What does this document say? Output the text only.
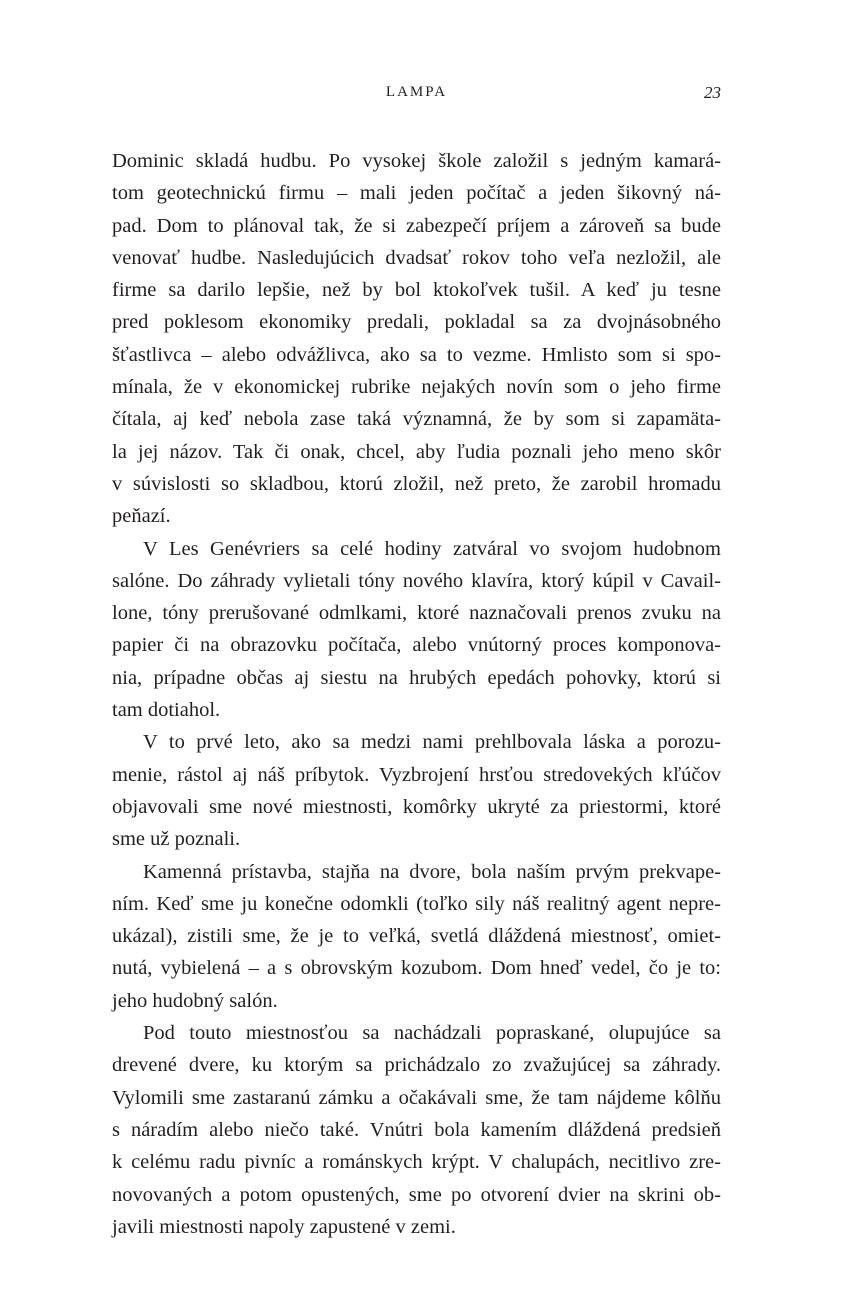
LAMPA	23
Dominic skladá hudbu. Po vysokej škole založil s jedným kamará-
tom geotechnickú firmu – mali jeden počítač a jeden šikovný ná-
pad. Dom to plánoval tak, že si zabezpečí príjem a zároveň sa bude
venovať hudbe. Nasledujúcich dvadsať rokov toho veľa nezložil, ale
firme sa darilo lepšie, než by bol ktokoľvek tušil. A keď ju tesne
pred poklesom ekonomiky predali, pokladal sa za dvojnásobného
šťastlivca – alebo odvážlivca, ako sa to vezme. Hmlisto som si spo-
mínala, že v ekonomickej rubrike nejakých novín som o jeho firme
čítala, aj keď nebola zase taká významná, že by som si zapamäta-
la jej názov. Tak či onak, chcel, aby ľudia poznali jeho meno skôr
v súvislosti so skladbou, ktorú zložil, než preto, že zarobil hromadu
peňazí.
V Les Genévriers sa celé hodiny zatváral vo svojom hudobnom
salóne. Do záhrady vylietali tóny nového klavíra, ktorý kúpil v Cavail-
lone, tóny prerušované odmlkami, ktoré naznačovali prenos zvuku na
papier či na obrazovku počítača, alebo vnútorný proces komponova-
nia, prípadne občas aj siestu na hrubých epedách pohovky, ktorú si
tam dotiahol.
V to prvé leto, ako sa medzi nami prehlbovala láska a porozu-
menie, rástol aj náš príbytok. Vyzbrojení hrsťou stredovekých kľúčov
objavovali sme nové miestnosti, komôrky ukryté za priestormi, ktoré
sme už poznali.
Kamenná prístavba, stajňa na dvore, bola naším prvým prekvape-
ním. Keď sme ju konečne odomkli (toľko sily náš realitný agent nepre-
ukázal), zistili sme, že je to veľká, svetlá dláždená miestnosť, omiet-
nutá, vybielená – a s obrovským kozubom. Dom hneď vedel, čo je to:
jeho hudobný salón.
Pod touto miestnosťou sa nachádzali popraskané, olupujúce sa
drevené dvere, ku ktorým sa prichádzalo zo zvažujúcej sa záhrady.
Vylomili sme zastaranú zámku a očakávali sme, že tam nájdeme kôlňu
s náradím alebo niečo také. Vnútri bola kamením dláždená predsieň
k celému radu pivníc a románskych krýpt. V chalupách, necitlivo zre-
novovaných a potom opustených, sme po otvorení dvier na skrini ob-
javili miestnosti napoly zapustené v zemi.
